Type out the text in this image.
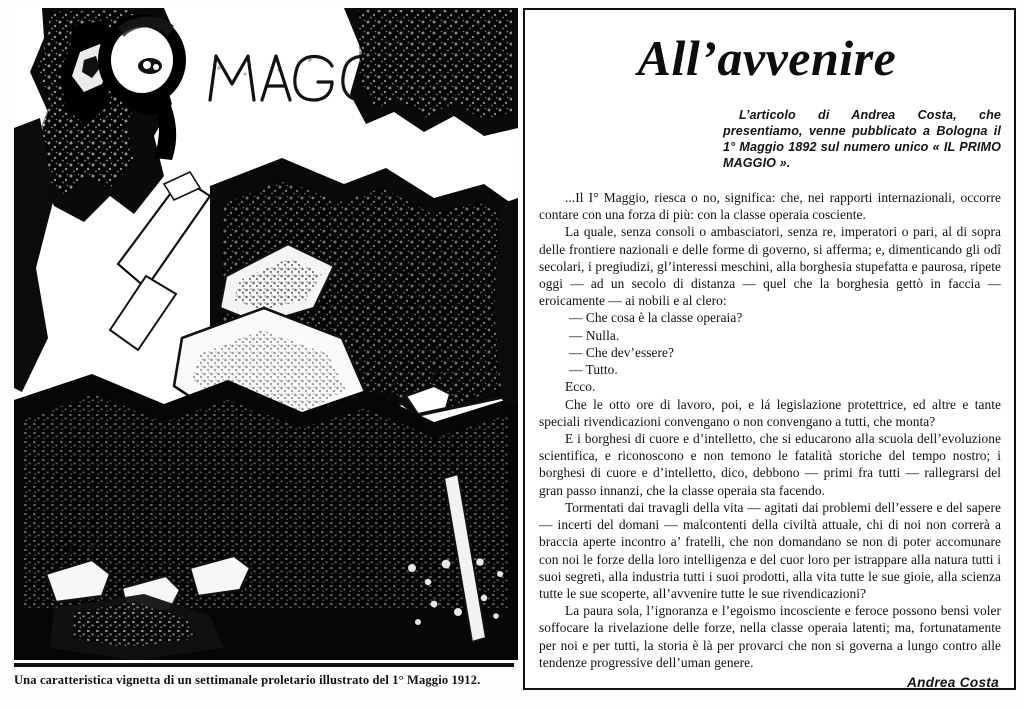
Una caratteristica vignetta di un settimanale proletario illustrato del 1° Maggio 1912.
All’avvenire
L’articolo di Andrea Costa, che presentiamo, venne pubblicato a Bologna il 1° Maggio 1892 sul numero unico « IL PRIMO MAGGIO ».

...Il I° Maggio, riesca o no, significa: che, nei rapporti internazionali, occorre contare con una forza di più: con la classe operaia cosciente.

La quale, senza consoli o ambasciatori, senza re, imperatori o pari, al di sopra delle frontiere nazionali e delle forme di governo, si afferma; e, dimenticando gli odî secolari, i pregiudizi, gl’interessi meschini, alla borghesia stupefatta e paurosa, ripete oggi — ad un secolo di distanza — quel che la borghesia gettò in faccia — eroicamente — ai nobili e al clero:

— Che cosa è la classe operaia?
— Nulla.
— Che dev’essere?
— Tutto.

Ecco.

Che le otto ore di lavoro, poi, e lá legislazione protettrice, ed altre e tante speciali rivendicazioni convengano o non convengano a tutti, che monta?

E i borghesi di cuore e d’intelletto, che si educarono alla scuola dell’evoluzione scientifica, e riconoscono e non temono le fatalità storiche del tempo nostro; i borghesi di cuore e d’intelletto, dico, debbono — primi fra tutti — rallegrarsi del gran passo innanzi, che la classe operaia sta facendo.

Tormentati dai travagli della vita — agitati dai problemi dell’essere e del sapere — incerti del domani — malcontenti della civiltà attuale, chi di noi non correrà a braccia aperte incontro a’ fratelli, che non domandano se non di poter accomunare con noi le forze della loro intelligenza e del cuor loro per istrappare alla natura tutti i suoi segreti, alla industria tutti i suoi prodotti, alla vita tutte le sue gioie, alla scienza tutte le sue scoperte, all’avvenire tutte le sue rivendicazioni?

La paura sola, l’ignoranza e l’egoismo incosciente e feroce possono bensì voler soffocare la rivelazione delle forze, nella classe operaia latenti; ma, fortunatamente per noi e per tutti, la storia è là per provarci che non si governa a lungo contro alle tendenze progressive dell’uman genere.

Andrea Costa
